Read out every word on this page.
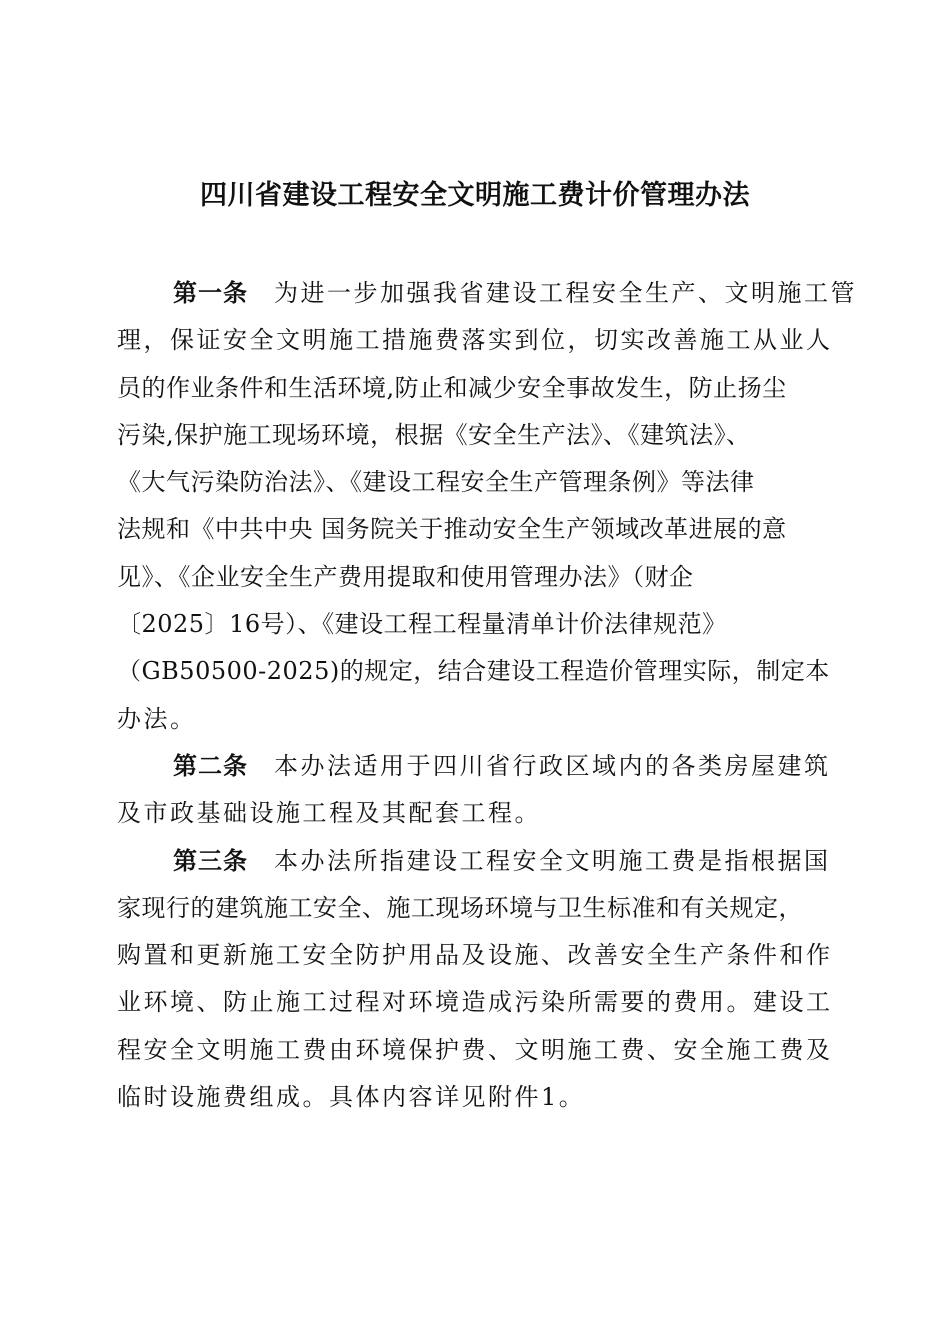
四川省建设工程安全文明施工费计价管理办法

第一条 为进一步加强我省建设工程安全生产、文明施工管
理，保证安全文明施工措施费落实到位，切实改善施工从业人
员的作业条件和生活环境,防止和减少安全事故发生，防止扬尘
污染,保护施工现场环境，根据《安全生产法》、《建筑法》、
《大气污染防治法》、《建设工程安全生产管理条例》等法律
法规和《中共中央 国务院关于推动安全生产领域改革进展的意
见》、《企业安全生产费用提取和使用管理办法》（财企
〔2025〕16号）、《建设工程工程量清单计价法律规范》
（GB50500-2025)的规定，结合建设工程造价管理实际，制定本
办法。

第二条 本办法适用于四川省行政区域内的各类房屋建筑
及市政基础设施工程及其配套工程。

第三条 本办法所指建设工程安全文明施工费是指根据国
家现行的建筑施工安全、施工现场环境与卫生标准和有关规定，
购置和更新施工安全防护用品及设施、改善安全生产条件和作
业环境、防止施工过程对环境造成污染所需要的费用。建设工
程安全文明施工费由环境保护费、文明施工费、安全施工费及
临时设施费组成。具体内容详见附件1。
